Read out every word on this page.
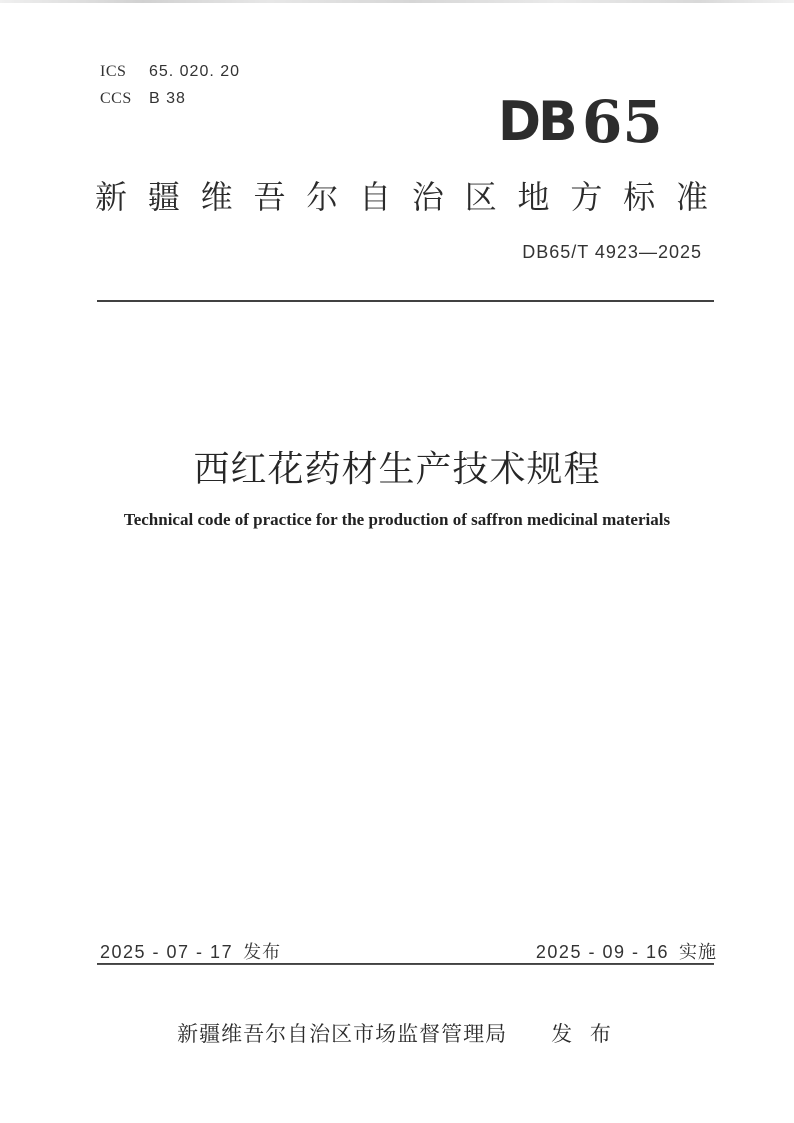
ICS 65. 020. 20
CCS B 38	DB 65
新 疆 维 吾 尔 自 治 区 地 方 标 准
DB65/T 4923—2025
西红花药材生产技术规程
Technical code of practice for the production of saffron medicinal materials
2025 - 07 - 17 发布	2025 - 09 - 16 实施
新疆维吾尔自治区市场监督管理局 发 布
